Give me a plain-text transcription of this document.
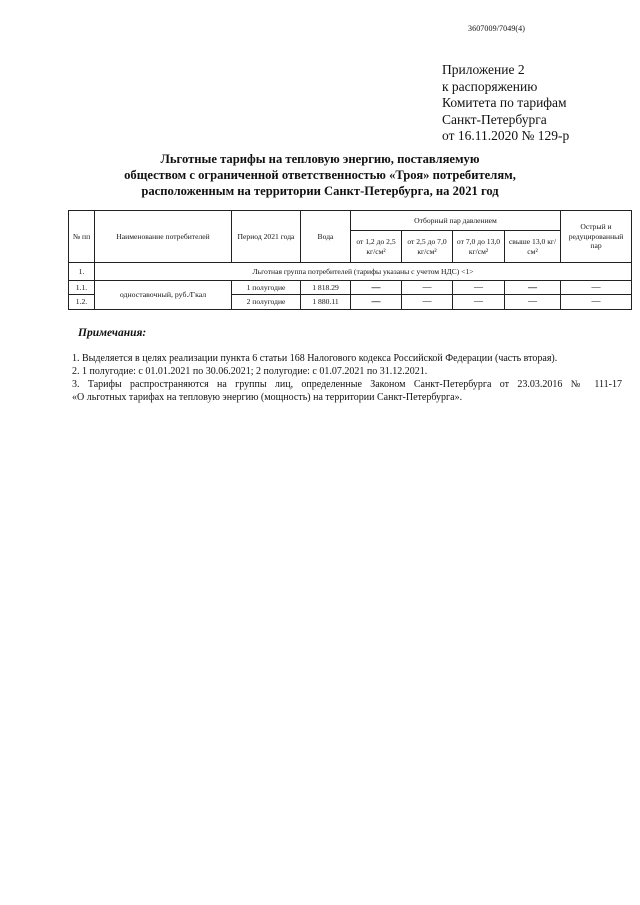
3607009/7049(4)
Приложение 2
к распоряжению
Комитета по тарифам
Санкт-Петербурга
от 16.11.2020 № 129-р
Льготные тарифы на тепловую энергию, поставляемую
обществом с ограниченной ответственностью «Троя» потребителям,
расположенным на территории Санкт-Петербурга, на 2021 год
№ пп	Наименование потребителей	Период 2021 года	Вода	Отборный пар давлением				Острый и редуцированный пар
				от 1,2 до 2,5 кг/см²	от 2,5 до 7,0 кг/см²	от 7,0 до 13,0 кг/см²	свыше 13,0 кг/см²	
1.	Льготная группа потребителей (тарифы указаны с учетом НДС) <1>							
1.1.	одноставочный, руб./Гкал	1 полугодие	1 818.29	—	—	—	—	—
1.2.		2 полугодие	1 880.11	—	—	—	—	—
Примечания:
1. Выделяется в целях реализации пункта 6 статьи 168 Налогового кодекса Российской Федерации (часть вторая).
2. 1 полугодие: с 01.01.2021 по 30.06.2021; 2 полугодие: с 01.07.2021 по 31.12.2021.
3. Тарифы распространяются на группы лиц, определенные Законом Санкт-Петербурга от 23.03.2016 № 111-17
«О льготных тарифах на тепловую энергию (мощность) на территории Санкт-Петербурга».
